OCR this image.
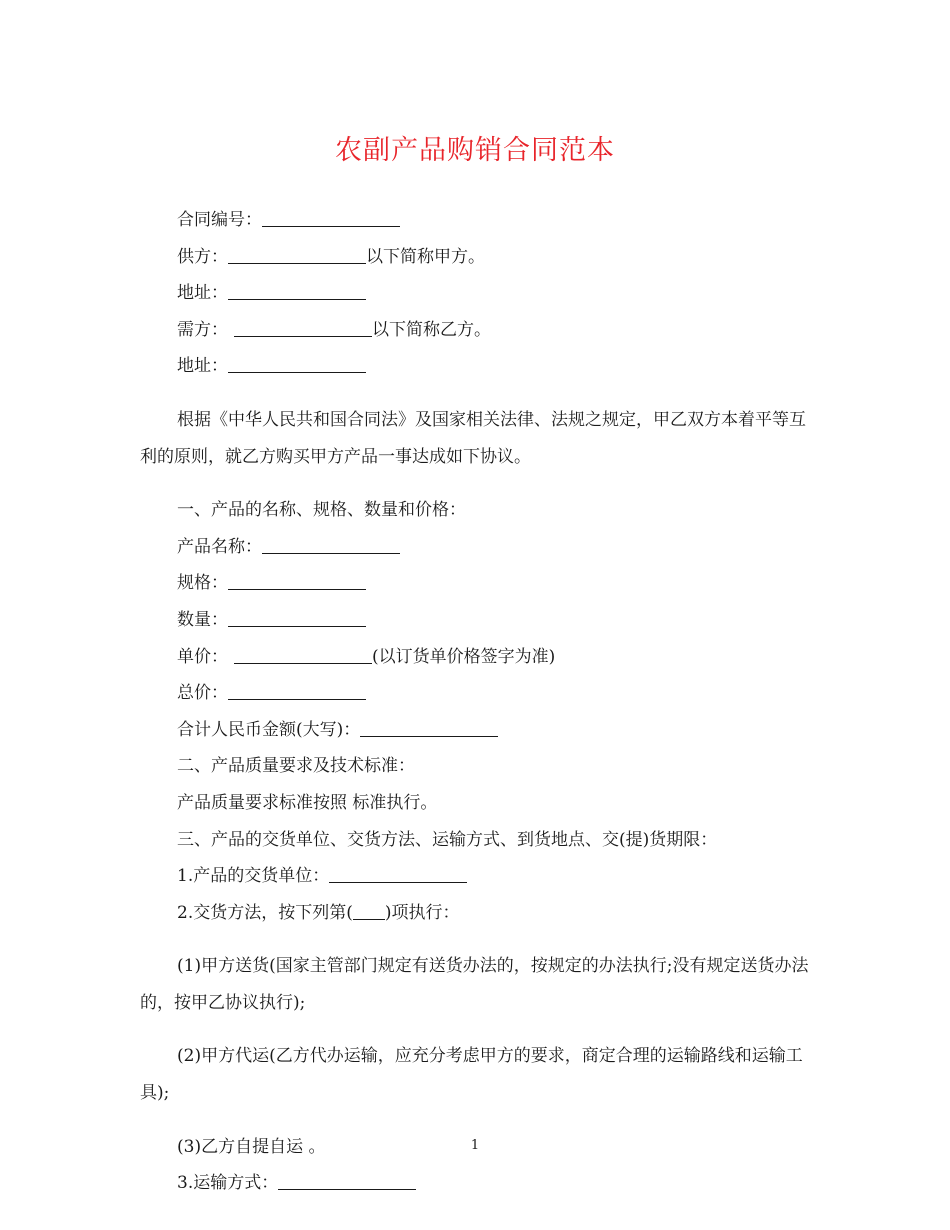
农副产品购销合同范本

合同编号：

供方：	以下简称甲方。

地址：

需方：	以下简称乙方。

地址：

根据《中华人民共和国合同法》及国家相关法律、法规之规定，甲乙双方本着平等互利的原则，就乙方购买甲方产品一事达成如下协议。

一、产品的名称、规格、数量和价格：

产品名称：

规格：

数量：

单价：	(以订货单价格签字为准)

总价：

合计人民币金额(大写)：

二、产品质量要求及技术标准：

产品质量要求标准按照 标准执行。

三、产品的交货单位、交货方法、运输方式、到货地点、交(提)货期限：

1.产品的交货单位：

2.交货方法，按下列第( )项执行：

(1)甲方送货(国家主管部门规定有送货办法的，按规定的办法执行;没有规定送货办法的，按甲乙协议执行);

(2)甲方代运(乙方代办运输，应充分考虑甲方的要求，商定合理的运输路线和运输工具);

(3)乙方自提自运 。

3.运输方式：

1
